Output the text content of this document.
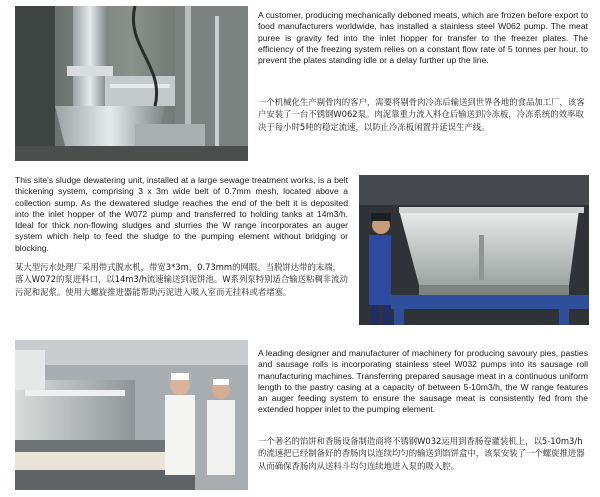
A customer, producing mechanically deboned meats, which are frozen before export to food manufacturers worldwide, has installed a stainless steel W062 pump. The meat puree is gravity fed into the inlet hopper for transfer to the freezer plates. The efficiency of the freezing system relies on a constant flow rate of 5 tonnes per hour, to prevent the plates standing idle or a delay further up the line.
一个机械化生产剔骨肉的客户，需要将剔骨肉冷冻后输送到世界各地的食品加工厂，该客户安装了一台不锈钢W062泵。肉泥靠重力流入料仓后输送到冷冻板，冷冻系统的效率取决于每小时5吨的稳定流速，以防止冷冻板闲置并延误生产线。
This site's sludge dewatering unit, installed at a large sewage treatment works, is a belt thickening system, comprising 3 x 3m wide belt of 0.7mm mesh, located above a collection sump. As the dewatered sludge reaches the end of the belt it is deposited into the inlet hopper of the W072 pump and transferred to holding tanks at 14m3/h. Ideal for thick non-flowing sludges and slurries the W range incorporates an auger system which help to feed the sludge to the pumping element without bridging or blocking.
某大型污水处理厂采用带式脱水机，带宽3*3m，0.73mm的网眼。当脱饼达带的末端，落入W072的泵进料口，以14m3/h流速输送到泥饼池。W系列泵特别适合输送粘稠非流动污泥和泥浆。使用大螺旋推进器能帮助污泥进入吸入室而无挂料或者堵塞。
A leading designer and manufacturer of machinery for producing savoury pies, pasties and sausage rolls is incorporating stainless steel W032 pumps into its sausage roll manufacturing machines. Transferring prepared sausage meat in a continuous uniform length to the pastry casing at a capacity of between 5-10m3/h, the W range features an auger feeding system to ensure the sausage meat is consistently fed from the extended hopper inlet to the pumping element.
一个著名的馅饼和香肠设备制造商将不锈钢W032运用到香肠卷灌装机上，以5-10m3/h的流速把已经制备好的香肠肉以连续均匀的输送到馅饼盒中，该泵安装了一个螺旋推进器从而确保香肠肉从送料斗均匀连续地进入泵的吸入腔。
